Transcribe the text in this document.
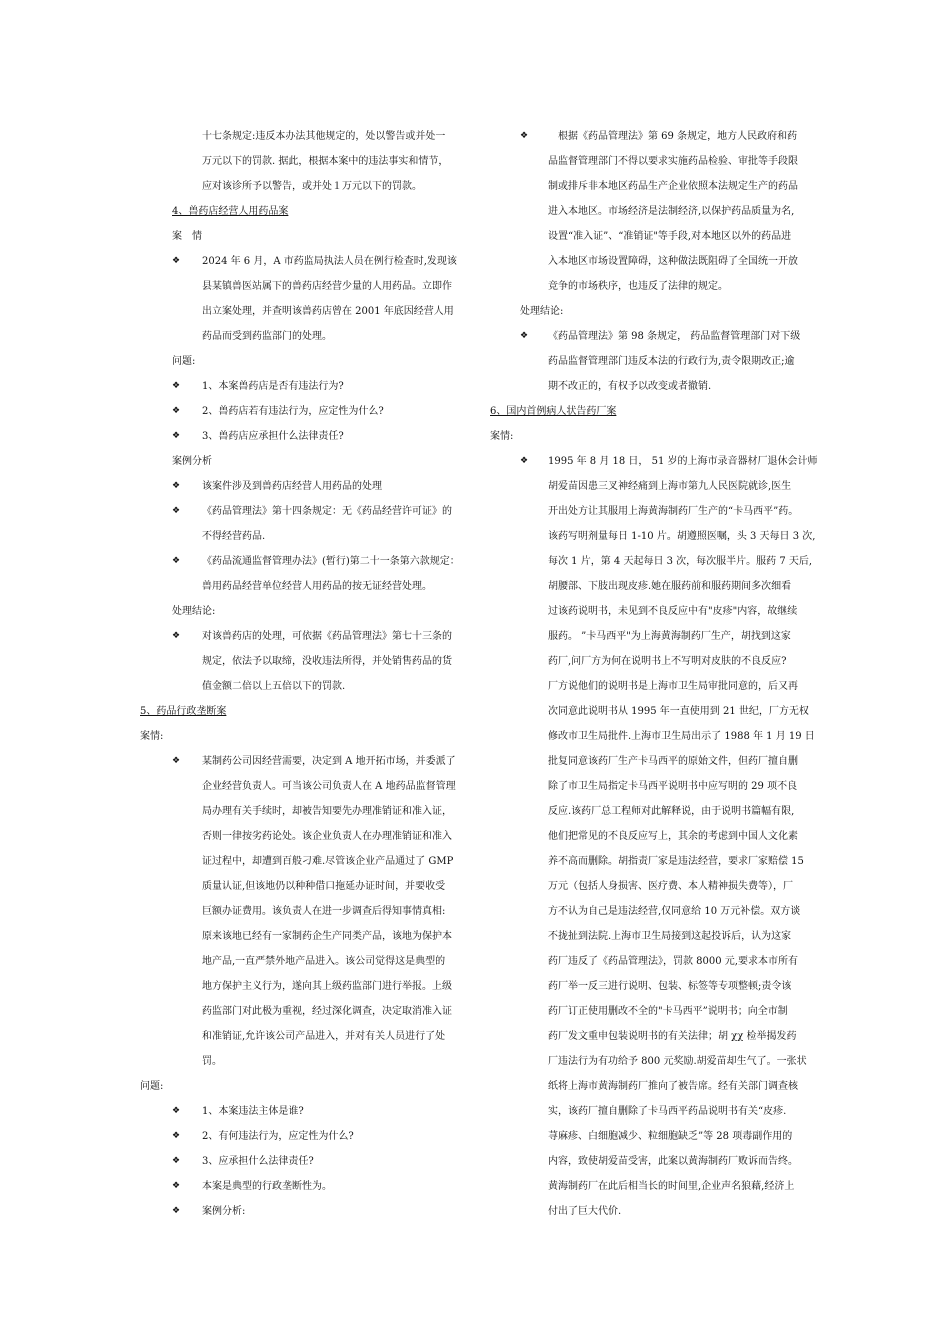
十七条规定:违反本办法其他规定的，处以警告或并处一
万元以下的罚款. 据此，根据本案中的违法事实和情节，
应对该诊所予以警告，或并处１万元以下的罚款。
4、兽药店经营人用药品案
案　情
❖ 2024 年 6 月，A 市药监局执法人员在例行检查时,发现该
县某镇兽医站属下的兽药店经营少量的人用药品。立即作
出立案处理，并查明该兽药店曾在 2001 年底因经营人用
药品而受到药监部门的处理。
问题:
❖ 1、本案兽药店是否有违法行为?
❖ 2、兽药店若有违法行为，应定性为什么?
❖ 3、兽药店应承担什么法律责任?
案例分析
❖ 该案件涉及到兽药店经营人用药品的处理
❖ 《药品管理法》第十四条规定：无《药品经营许可证》的
不得经营药品.
❖ 《药品流通监督管理办法》(暂行)第二十一条第六款规定：
兽用药品经营单位经营人用药品的按无证经营处理。
处理结论:
❖ 对该兽药店的处理，可依据《药品管理法》第七十三条的
规定，依法予以取缔，没收违法所得，并处销售药品的货
值金额二倍以上五倍以下的罚款.
5、药品行政垄断案
案情:
❖ 某制药公司因经营需要，决定到 A 地开拓市场，并委派了
企业经营负责人。可当该公司负责人在 A 地药品监督管理
局办理有关手续时，却被告知要先办理准销证和准入证，
否则一律按劣药论处。该企业负责人在办理准销证和准入
证过程中，却遭到百般刁难.尽管该企业产品通过了 GMP
质量认证,但该地仍以种种借口拖延办证时间，并要收受
巨额办证费用。该负责人在进一步调查后得知事情真相:
原来该地已经有一家制药企生产同类产品，该地为保护本
地产品,一直严禁外地产品进入。该公司觉得这是典型的
地方保护主义行为，遂向其上级药监部门进行举报。上级
药监部门对此极为重视，经过深化调查，决定取消准入证
和准销证,允许该公司产品进入，并对有关人员进行了处
罚。
问题:
❖ 1、本案违法主体是谁?
❖ 2、有何违法行为，应定性为什么?
❖ 3、应承担什么法律责任?
❖ 本案是典型的行政垄断性为。
❖ 案例分析:
❖ 　根据《药品管理法》第 69 条规定，地方人民政府和药
品监督管理部门不得以要求实施药品检验、审批等手段限
制或排斥非本地区药品生产企业依照本法规定生产的药品
进入本地区。市场经济是法制经济,以保护药品质量为名,
设置“准入证”、“准销证"等手段,对本地区以外的药品进
入本地区市场设置障碍，这种做法既阻碍了全国统一开放
竞争的市场秩序，也违反了法律的规定。
处理结论:
❖ 《药品管理法》第 98 条规定， 药品监督管理部门对下级
药品监督管理部门违反本法的行政行为,责令限期改正;逾
期不改正的，有权予以改变或者撤销.
6、国内首例病人状告药厂案
案情:
❖ 1995 年 8 月 18 日， 51 岁的上海市录音器材厂退休会计师
胡爱苗因患三叉神经痛到上海市第九人民医院就诊,医生
开出处方让其服用上海黄海制药厂生产的“卡马西平”药。
该药写明剂量每日 1-10 片。胡遵照医嘱，头 3 天每日 3 次,
每次 1 片，第 4 天起每日 3 次，每次服半片。服药 7 天后,
胡腰部、下肢出现皮疹.她在服药前和服药期间多次细看
过该药说明书，未见到不良反应中有"皮疹"内容，故继续
服药。 ”卡马西平"为上海黄海制药厂生产，胡找到这家
药厂,问厂方为何在说明书上不写明对皮肤的不良反应?
厂方说他们的说明书是上海市卫生局审批同意的，后又再
次同意此说明书从 1995 年一直使用到 21 世纪，厂方无权
修改市卫生局批件.上海市卫生局出示了 1988 年 1 月 19 日
批复同意该药厂生产卡马西平的原始文件，但药厂擅自删
除了市卫生局指定卡马西平说明书中应写明的 29 项不良
反应.该药厂总工程师对此解释说，由于说明书篇幅有限,
他们把常见的不良反应写上，其余的考虑到中国人文化素
养不高而删除。胡指责厂家是违法经营，要求厂家赔偿 15
万元（包括人身损害、医疗费、本人精神损失费等），厂
方不认为自己是违法经营,仅同意给 10 万元补偿。双方谈
不拢扯到法院.上海市卫生局接到这起投诉后，认为这家
药厂违反了《药品管理法》，罚款 8000 元,要求本市所有
药厂举一反三进行说明、包装、标签等专项整顿;责令该
药厂订正使用删改不全的"卡马西平”说明书；向全市制
药厂发文重申包装说明书的有关法律；胡 χχ 检举揭发药
厂违法行为有功给予 800 元奖励.胡爱苗却生气了。一张状
纸将上海市黄海制药厂推向了被告席。经有关部门调查核
实，该药厂擅自删除了卡马西平药品说明书有关“皮疹.
荨麻疹、白细胞减少、粒细胞缺乏”等 28 项毒副作用的
内容，致使胡爱苗受害，此案以黄海制药厂败诉而告终。
黄海制药厂在此后相当长的时间里,企业声名狼藉,经济上
付出了巨大代价.
